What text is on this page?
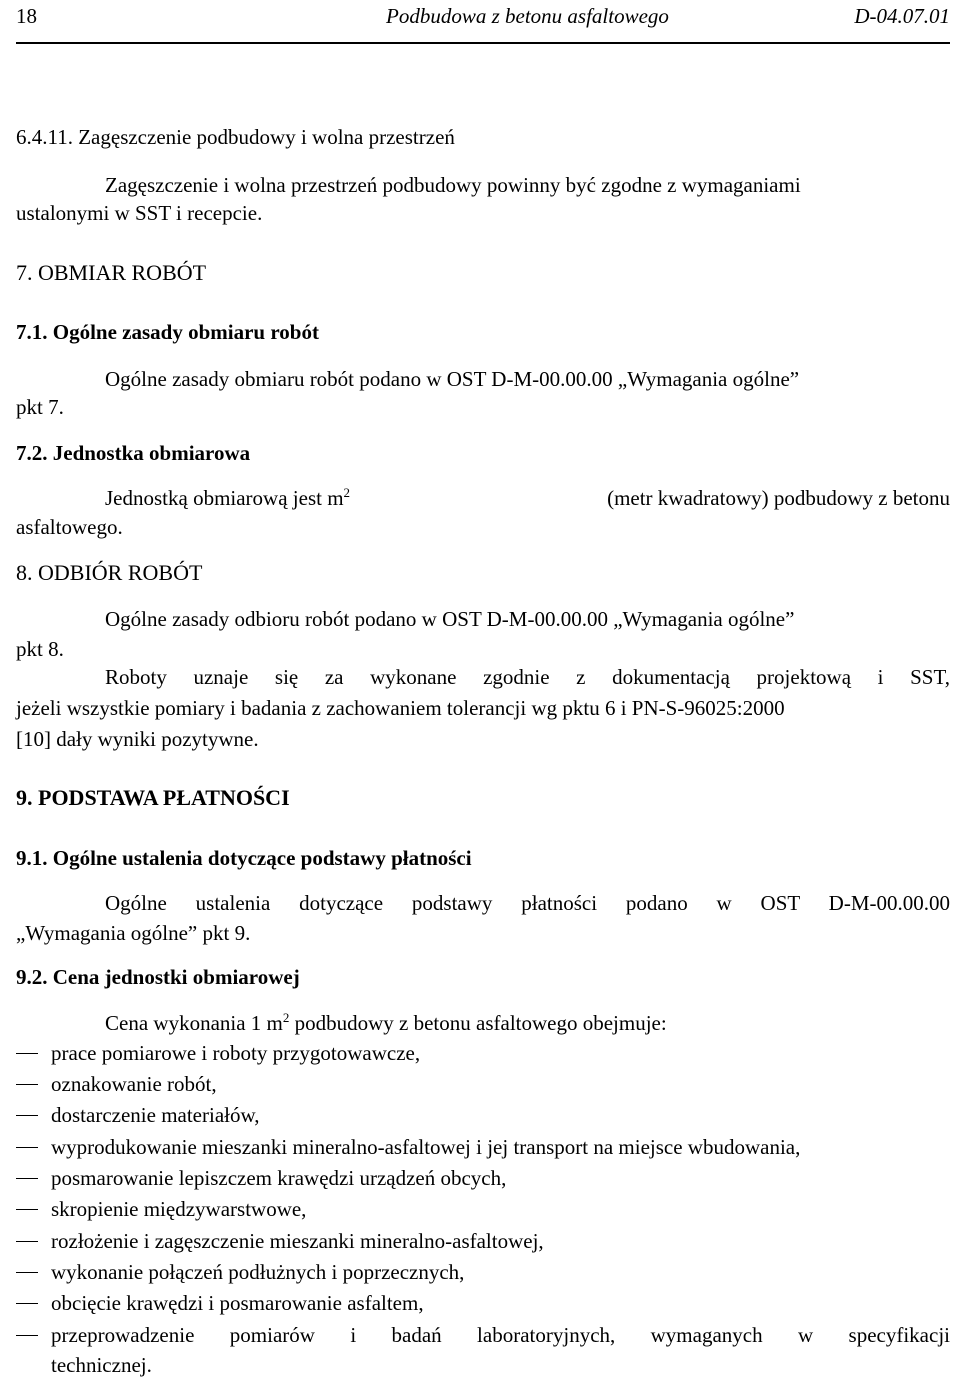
18	Podbudowa z betonu asfaltowego	D-04.07.01
6.4.11. Zagęszczenie podbudowy i wolna przestrzeń
Zagęszczenie i wolna przestrzeń podbudowy powinny być zgodne z wymaganiami
ustalonymi w SST i recepcie.
7. OBMIAR ROBÓT
7.1. Ogólne zasady obmiaru robót
Ogólne zasady obmiaru robót podano w OST D-M-00.00.00 „Wymagania ogólne”
pkt 7.
7.2. Jednostka obmiarowa
Jednostką obmiarową jest $m^2$	(metr kwadratowy) podbudowy z betonu
asfaltowego.
8. ODBIÓR ROBÓT
Ogólne zasady odbioru robót podano w OST D-M-00.00.00 „Wymagania ogólne”
pkt 8.
Roboty uznaje się za wykonane zgodnie z dokumentacją projektową i SST,
jeżeli wszystkie pomiary i badania z zachowaniem tolerancji wg pktu 6 i PN-S-96025:2000
[10] dały wyniki pozytywne.
9. PODSTAWA PŁATNOŚCI
9.1. Ogólne ustalenia dotyczące podstawy płatności
Ogólne ustalenia dotyczące podstawy płatności podano w OST D-M-00.00.00
„Wymagania ogólne” pkt 9.
9.2. Cena jednostki obmiarowej
Cena wykonania 1 $m^2$ podbudowy z betonu asfaltowego obejmuje:
prace pomiarowe i roboty przygotowawcze,
oznakowanie robót,
dostarczenie materiałów,
wyprodukowanie mieszanki mineralno-asfaltowej i jej transport na miejsce wbudowania,
posmarowanie lepiszczem krawędzi urządzeń obcych,
skropienie międzywarstwowe,
rozłożenie i zagęszczenie mieszanki mineralno-asfaltowej,
wykonanie połączeń podłużnych i poprzecznych,
obcięcie krawędzi i posmarowanie asfaltem,
przeprowadzenie pomiarów i badań laboratoryjnych, wymaganych w specyfikacji
technicznej.
